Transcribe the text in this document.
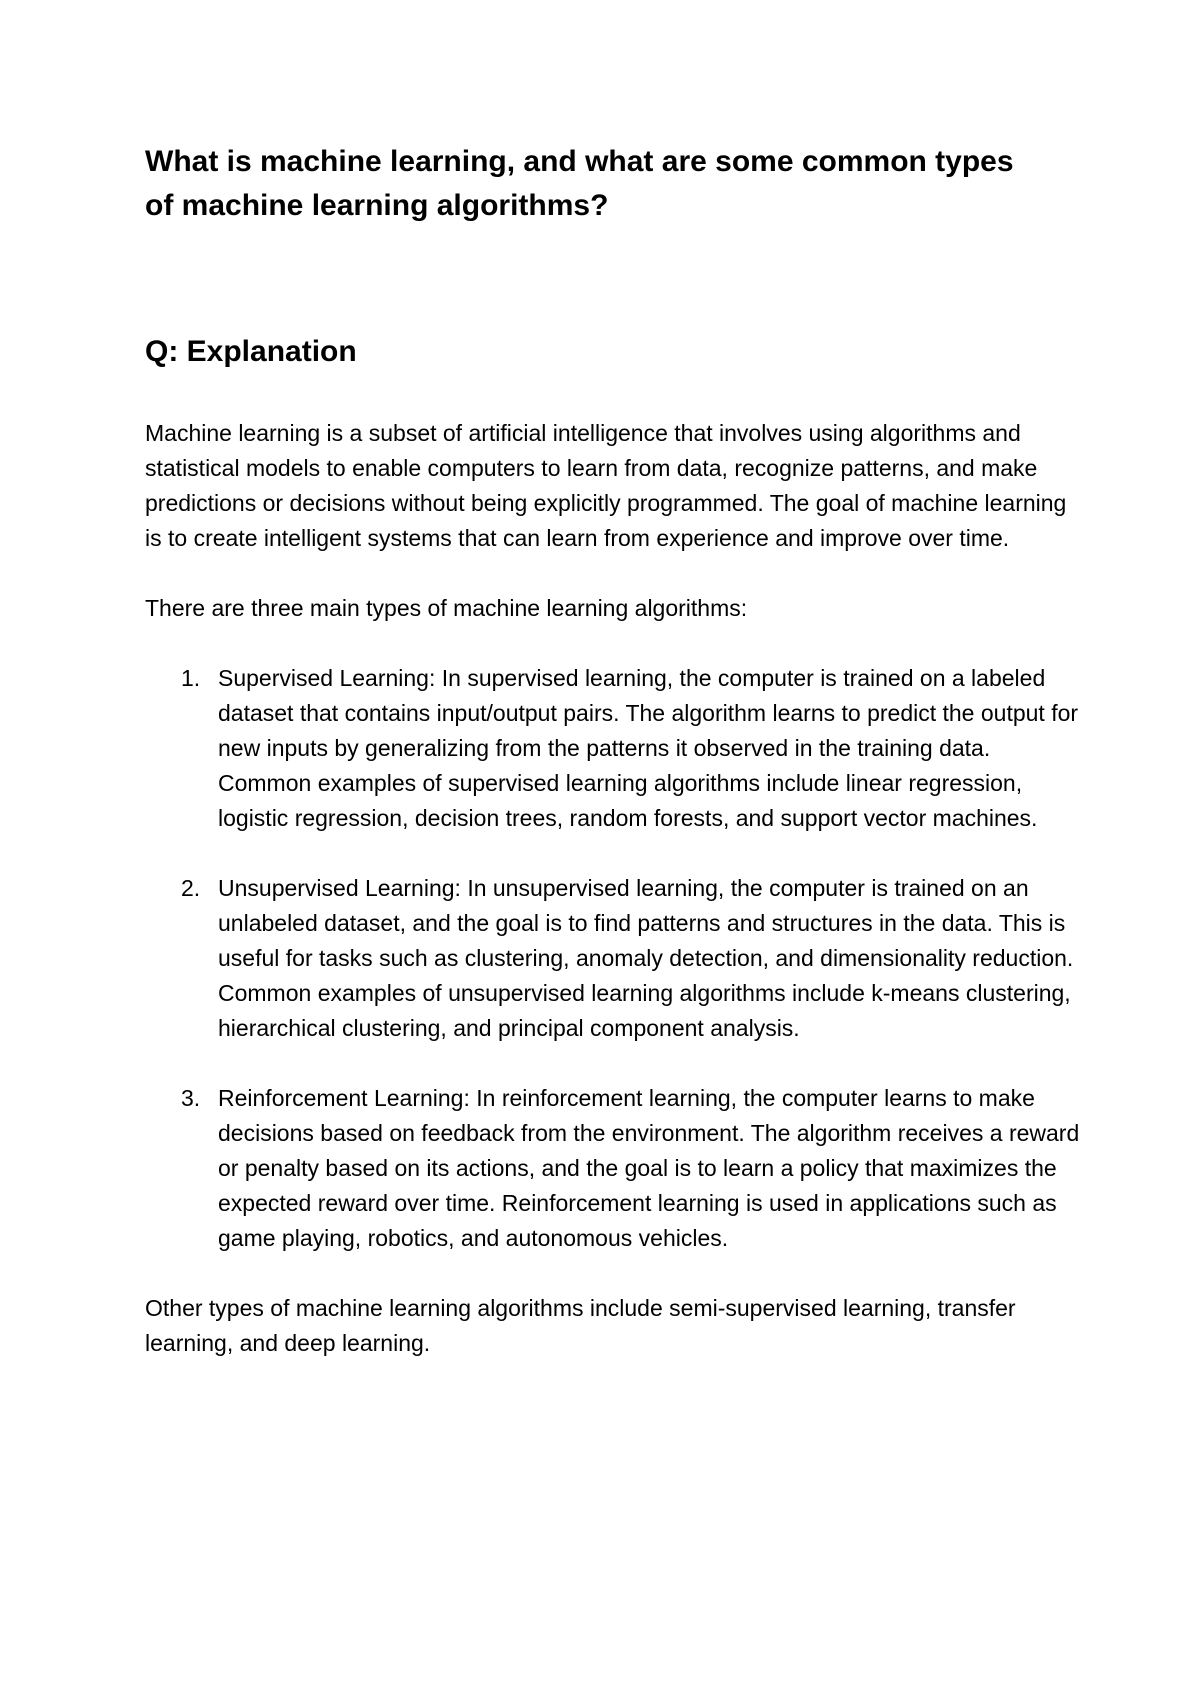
What is machine learning, and what are some common types of machine learning algorithms?
Q: Explanation

Machine learning is a subset of artificial intelligence that involves using algorithms and statistical models to enable computers to learn from data, recognize patterns, and make predictions or decisions without being explicitly programmed. The goal of machine learning is to create intelligent systems that can learn from experience and improve over time.

There are three main types of machine learning algorithms:

1. Supervised Learning: In supervised learning, the computer is trained on a labeled dataset that contains input/output pairs. The algorithm learns to predict the output for new inputs by generalizing from the patterns it observed in the training data. Common examples of supervised learning algorithms include linear regression, logistic regression, decision trees, random forests, and support vector machines.
2. Unsupervised Learning: In unsupervised learning, the computer is trained on an unlabeled dataset, and the goal is to find patterns and structures in the data. This is useful for tasks such as clustering, anomaly detection, and dimensionality reduction. Common examples of unsupervised learning algorithms include k-means clustering, hierarchical clustering, and principal component analysis.
3. Reinforcement Learning: In reinforcement learning, the computer learns to make decisions based on feedback from the environment. The algorithm receives a reward or penalty based on its actions, and the goal is to learn a policy that maximizes the expected reward over time. Reinforcement learning is used in applications such as game playing, robotics, and autonomous vehicles.

Other types of machine learning algorithms include semi-supervised learning, transfer learning, and deep learning.
